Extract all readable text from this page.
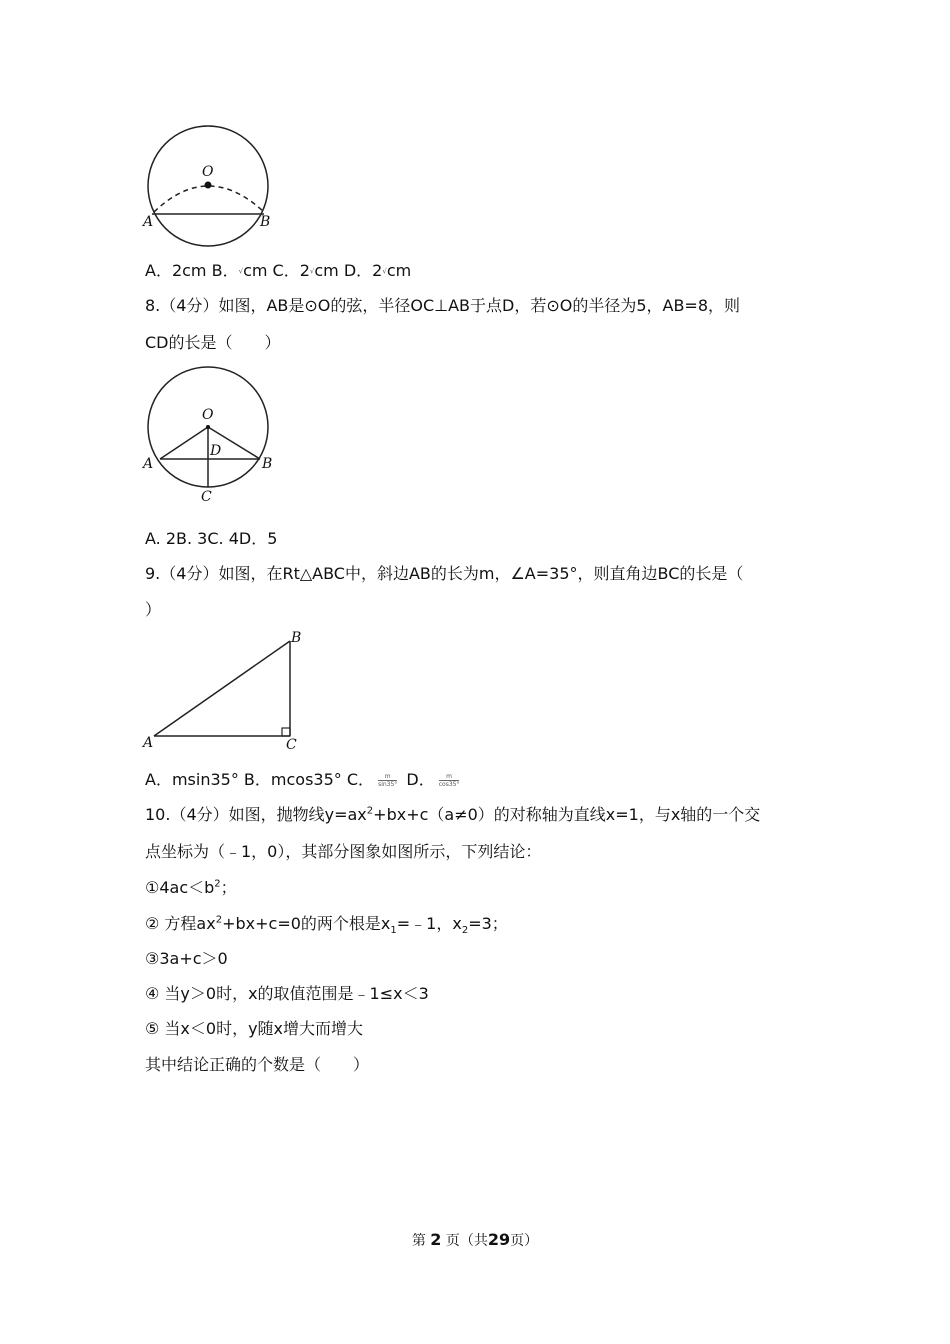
O
A	B
A．2cm B．√cm C．2√cm D．2√cm
8.（4分）如图，AB是⊙O的弦，半径OC⊥AB于点D，若⊙O的半径为5，AB=8，则
CD的长是（　　）
O
D
A	B
C
A. 2B. 3C. 4D．5
9.（4分）如图，在Rt△ABC中，斜边AB的长为m，∠A=35°，则直角边BC的长是（
）
A
B
C
A．msin35° B．mcos35° C． $\frac{m}{\sin 35^\circ}$ D． $\frac{m}{\cos 35^\circ}$
10.（4分）如图，抛物线$y=ax^2+bx+c(a\ne 0)$的对称轴为直线x=1，与x轴的一个交
点坐标为（﹣1，0），其部分图象如图所示，下列结论：
$①4ac<b^2$；
② 方程$ax^2+bx+c=0$的两个根是$x_1=﹣1$，$x_2=3$；
③3a+c＞0
④ 当y＞0时，x的取值范围是﹣1≤x＜3
⑤ 当x＜0时，y随x增大而增大
其中结论正确的个数是（　　）
第 2 页（共29页）
